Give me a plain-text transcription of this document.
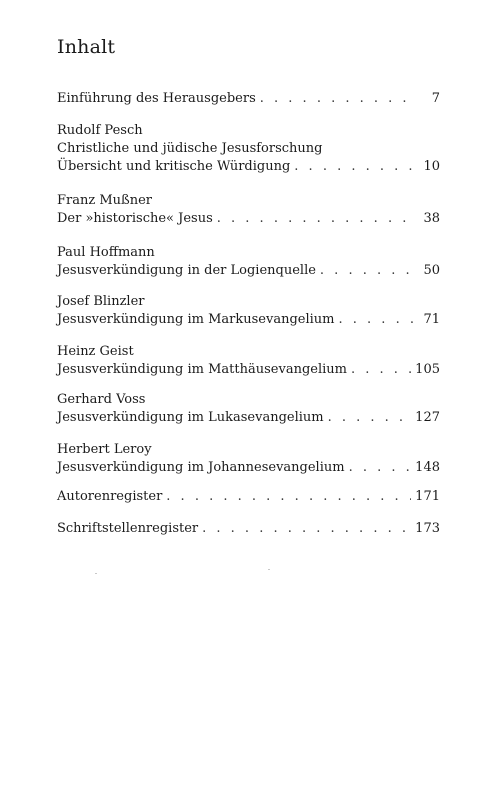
Inhalt
Einführung des Herausgebers . . .	7
Rudolf Pesch
Christliche und jüdische Jesusforschung
Übersicht und kritische Würdigung . . .	10
Franz Mußner
Der »historische« Jesus . . .	38
Paul Hoffmann
Jesusverkündigung in der Logienquelle . . .	50
Josef Blinzler
Jesusverkündigung im Markusevangelium . . .	71
Heinz Geist
Jesusverkündigung im Matthäusevangelium . . .	105
Gerhard Voss
Jesusverkündigung im Lukasevangelium . . .	127
Herbert Leroy
Jesusverkündigung im Johannesevangelium . . .	148
Autorenregister . . .	171
Schriftstellenregister . . .	173
